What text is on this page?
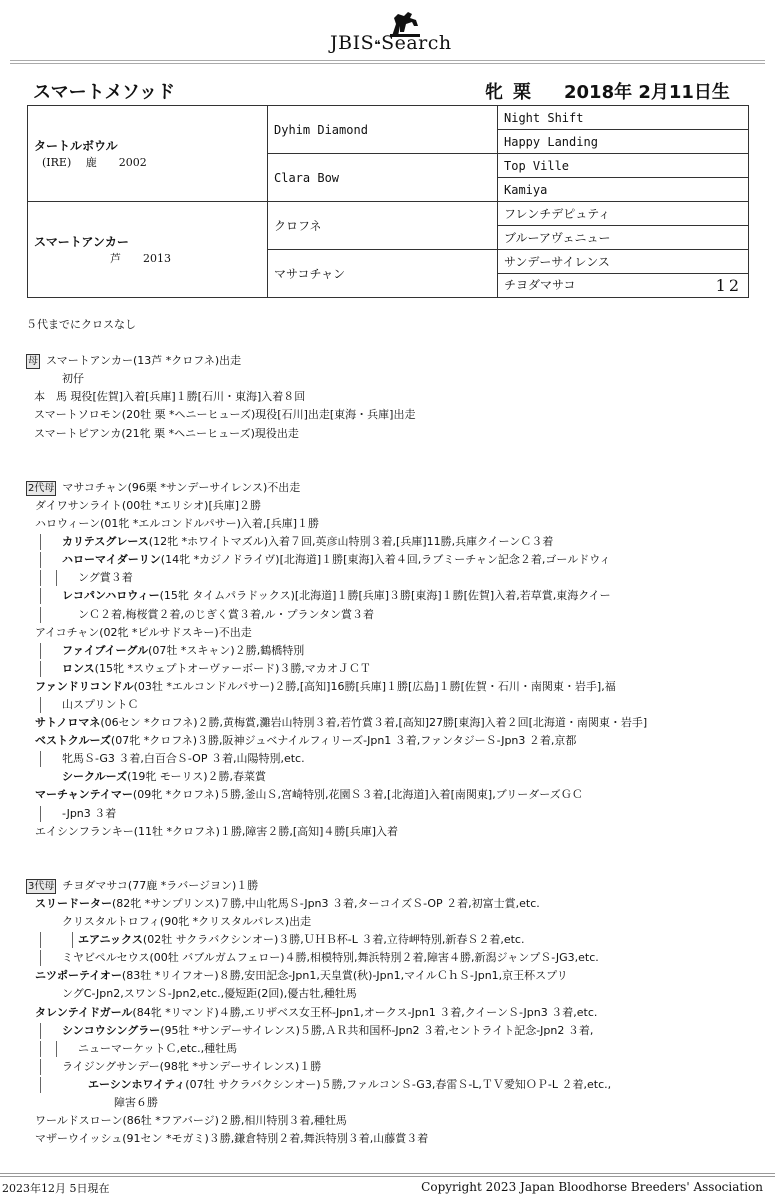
JBIS❝Search
スマートメソッド	牝栗 2018年 2月11日生
タートルボウル
(IRE)　 鹿　　2002	Dyhim Diamond	Night Shift
		Happy Landing
	Clara Bow	Top Ville
		Kamiya

スマートアンカー
芦　　2013	クロフネ	フレンチデピュティ
		ブルーアヴェニュー
	マサコチャン	サンデーサイレンス
		チヨダマサコ 12
５代までにクロスなし
母 スマートアンカー(13芦 *クロフネ)出走
初仔
本　馬 現役[佐賀]入着[兵庫]１勝[石川・東海]入着８回
スマートソロモン(20牡 栗 *ヘニーヒューズ)現役[石川]出走[東海・兵庫]出走
スマートピアンカ(21牝 栗 *ヘニーヒューズ)現役出走
2代母 マサコチャン(96栗 *サンデーサイレンス)不出走
ダイワサンライト(00牡 *エリシオ)[兵庫]２勝
ハロウィーン(01牝 *エルコンドルパサー)入着,[兵庫]１勝
カリテスグレース(12牝 *ホワイトマズル)入着７回,英彦山特別３着,[兵庫]11勝,兵庫クイーンＣ３着
ハローマイダーリン(14牝 *カジノドライヴ)[北海道]１勝[東海]入着４回,ラブミーチャン記念２着,ゴールドウィ
ング賞３着
レコパンハロウィー(15牝 タイムパラドックス)[北海道]１勝[兵庫]３勝[東海]１勝[佐賀]入着,若草賞,東海クイー
ンＣ２着,梅桜賞２着,のじぎく賞３着,ル・プランタン賞３着
アイコチャン(02牝 *ピルサドスキー)不出走
ファイブイーグル(07牡 *スキャン)２勝,鶴橋特別
ロンス(15牝 *スウェプトオーヴァーボード)３勝,マカオＪＣＴ
ファンドリコンドル(03牡 *エルコンドルパサー)２勝,[高知]16勝[兵庫]１勝[広島]１勝[佐賀・石川・南関東・岩手],福
山スプリントＣ
サトノロマネ(06セン *クロフネ)２勝,黄梅賞,灘岩山特別３着,若竹賞３着,[高知]27勝[東海]入着２回[北海道・南関東・岩手]
ベストクルーズ(07牝 *クロフネ)３勝,阪神ジュベナイルフィリーズ-Jpn1 ３着,ファンタジーＳ-Jpn3 ２着,京都
牝馬Ｓ-G3 ３着,白百合Ｓ-OP ３着,山陽特別,etc.
シークルーズ(19牝 モーリス)２勝,春菜賞
マーチャンテイマー(09牝 *クロフネ)５勝,釜山Ｓ,宮崎特別,花園Ｓ３着,[北海道]入着[南関東],ブリーダーズＧＣ
-Jpn3 ３着
エイシンフランキー(11牡 *クロフネ)１勝,障害２勝,[高知]４勝[兵庫]入着
3代母 チヨダマサコ(77鹿 *ラバージヨン)１勝
スリードーター(82牝 *サンプリンス)７勝,中山牝馬Ｓ-Jpn3 ３着,ターコイズＳ-OP ２着,初富士賞,etc.
クリスタルトロフィ(90牝 *クリスタルパレス)出走
エアニックス(02牡 サクラバクシンオー)３勝,ＵＨＢ杯-L ３着,立待岬特別,新春Ｓ２着,etc.
ミヤビペルセウス(00牡 バブルガムフェロー)４勝,相模特別,舞浜特別２着,障害４勝,新潟ジャンプＳ-JG3,etc.
ニツポーテイオー(83牡 *リイフオー)８勝,安田記念-Jpn1,天皇賞(秋)-Jpn1,マイルＣｈＳ-Jpn1,京王杯スプリ
ングC-Jpn2,スワンＳ-Jpn2,etc.,優短距(2回),優古牡,種牡馬
タレンテイドガール(84牝 *リマンド)４勝,エリザベス女王杯-Jpn1,オークス-Jpn1 ３着,クイーンＳ-Jpn3 ３着,etc.
シンコウシングラー(95牡 *サンデーサイレンス)５勝,ＡＲ共和国杯-Jpn2 ３着,セントライト記念-Jpn2 ３着,
ニューマーケットＣ,etc.,種牡馬
ライジングサンデー(98牝 *サンデーサイレンス)１勝
エーシンホワイティ(07牡 サクラバクシンオー)５勝,ファルコンＳ-G3,春雷Ｓ-L,ＴＶ愛知ＯＰ-L ２着,etc.,
障害６勝
ワールドスローン(86牡 *フアバージ)２勝,相川特別３着,種牡馬
マザーウイッシュ(91セン *モガミ)３勝,鎌倉特別２着,舞浜特別３着,山藤賞３着
2023年12月 5日現在	Copyright 2023 Japan Bloodhorse Breeders' Association
